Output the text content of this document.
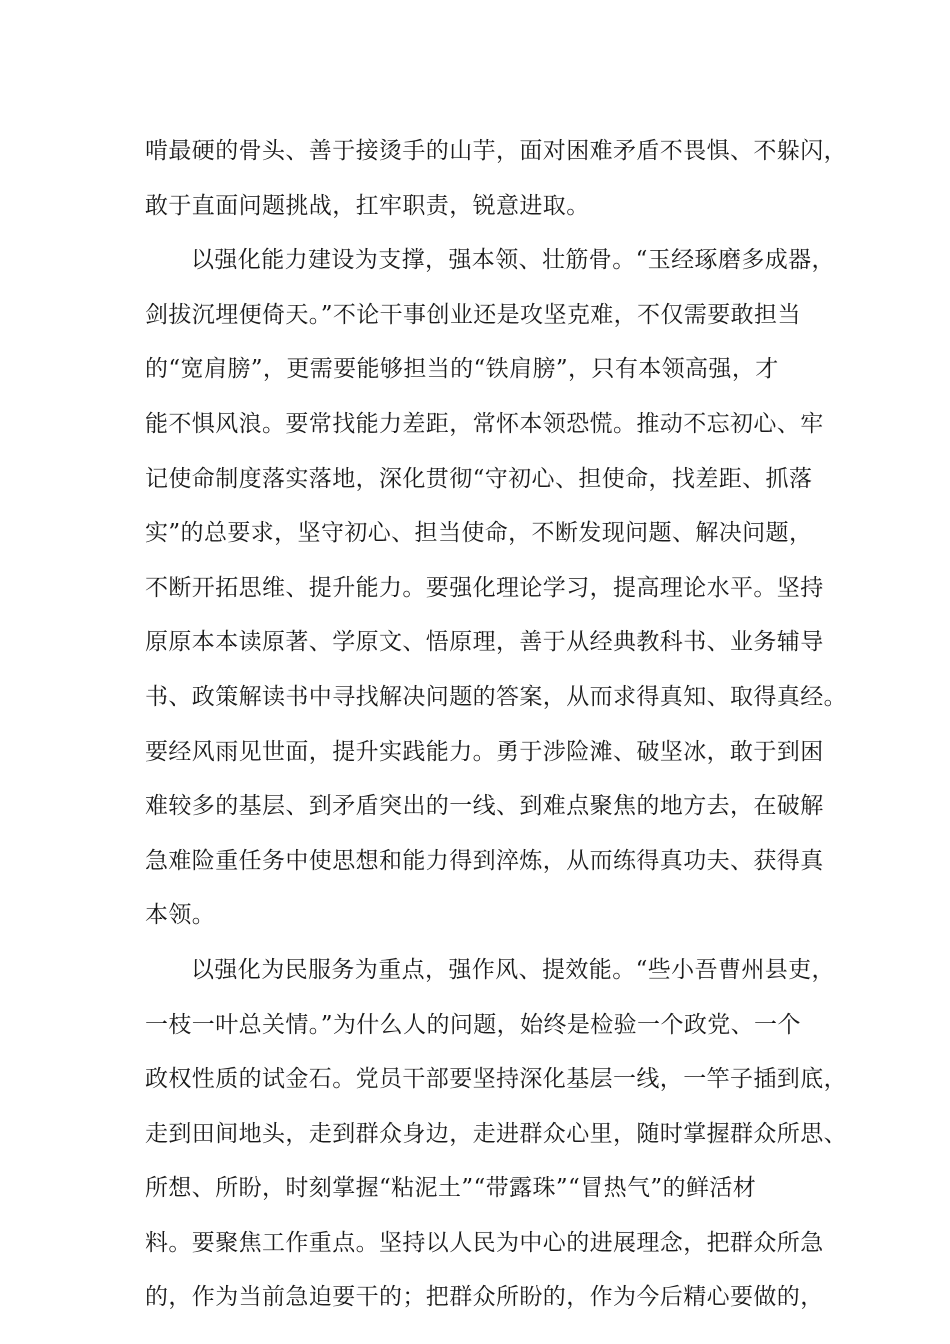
啃最硬的骨头、善于接烫手的山芋，面对困难矛盾不畏惧、不躲闪，
敢于直面问题挑战，扛牢职责，锐意进取。
以强化能力建设为支撑，强本领、壮筋骨。“玉经琢磨多成器，
剑拔沉埋便倚天。”不论干事创业还是攻坚克难，不仅需要敢担当
的“宽肩膀”，更需要能够担当的“铁肩膀”，只有本领高强，才
能不惧风浪。要常找能力差距，常怀本领恐慌。推动不忘初心、牢
记使命制度落实落地，深化贯彻“守初心、担使命，找差距、抓落
实”的总要求，坚守初心、担当使命，不断发现问题、解决问题，
不断开拓思维、提升能力。要强化理论学习，提高理论水平。坚持
原原本本读原著、学原文、悟原理，善于从经典教科书、业务辅导
书、政策解读书中寻找解决问题的答案，从而求得真知、取得真经。
要经风雨见世面，提升实践能力。勇于涉险滩、破坚冰，敢于到困
难较多的基层、到矛盾突出的一线、到难点聚焦的地方去，在破解
急难险重任务中使思想和能力得到淬炼，从而练得真功夫、获得真
本领。
以强化为民服务为重点，强作风、提效能。“些小吾曹州县吏，
一枝一叶总关情。”为什么人的问题，始终是检验一个政党、一个
政权性质的试金石。党员干部要坚持深化基层一线，一竿子插到底，
走到田间地头，走到群众身边，走进群众心里，随时掌握群众所思、
所想、所盼，时刻掌握“粘泥土”“带露珠”“冒热气”的鲜活材
料。要聚焦工作重点。坚持以人民为中心的进展理念，把群众所急
的，作为当前急迫要干的；把群众所盼的，作为今后精心要做的，
